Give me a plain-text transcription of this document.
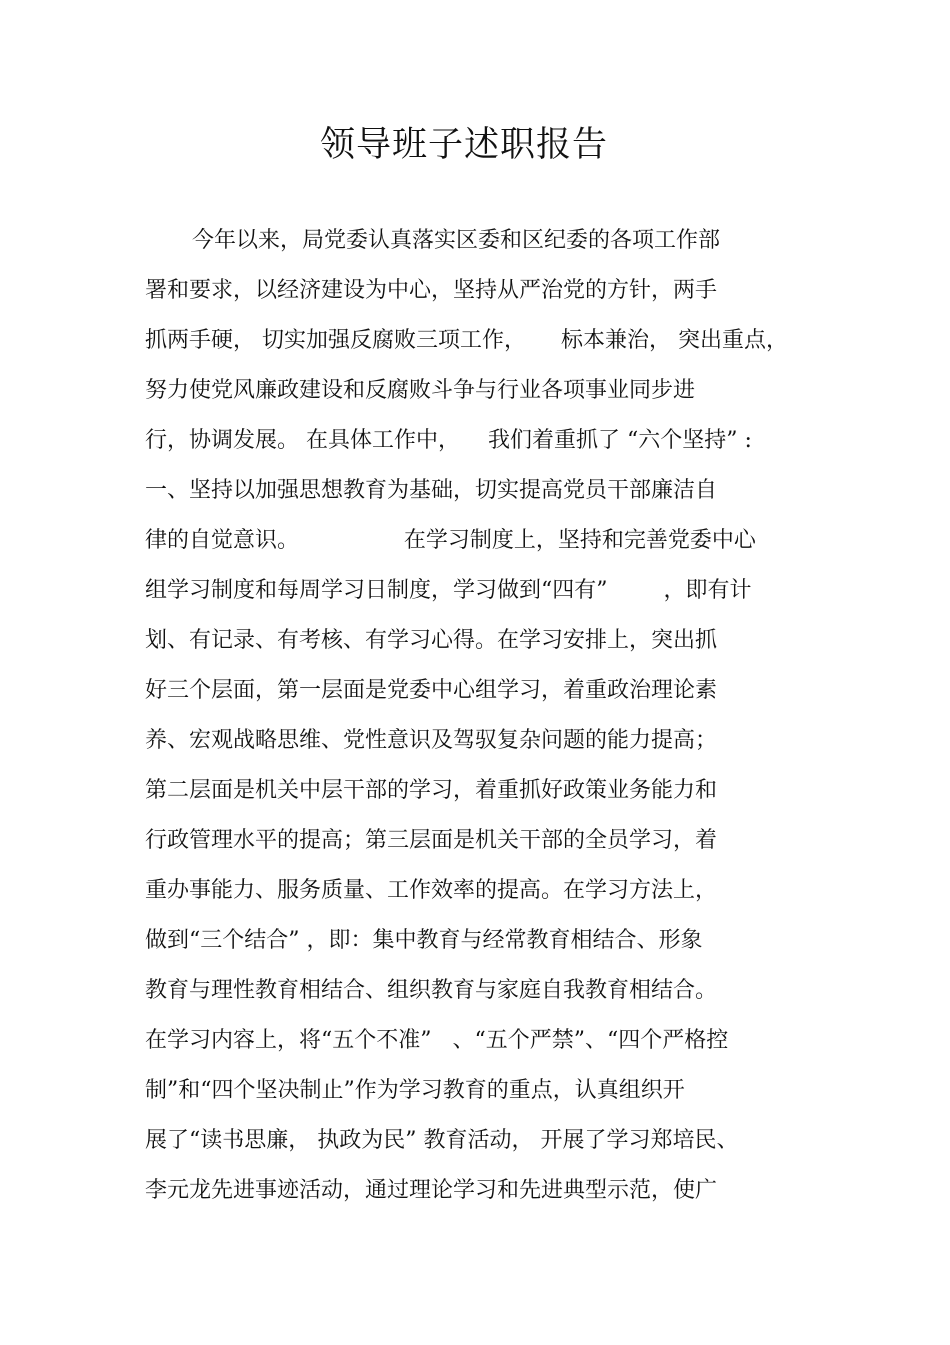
领导班子述职报告
今年以来，局党委认真落实区委和区纪委的各项工作部
署和要求，以经济建设为中心，坚持从严治党的方针，两手
抓两手硬， 切实加强反腐败三项工作，     标本兼治， 突出重点，
努力使党风廉政建设和反腐败斗争与行业各项事业同步进
行，协调发展。 在具体工作中，    我们着重抓了 “六个坚持” :
一、坚持以加强思想教育为基础，切实提高党员干部廉洁自
律的自觉意识。               在学习制度上，坚持和完善党委中心
组学习制度和每周学习日制度，学习做到“四有”        ，即有计
划、有记录、有考核、有学习心得。在学习安排上，突出抓
好三个层面，第一层面是党委中心组学习，着重政治理论素
养、宏观战略思维、党性意识及驾驭复杂问题的能力提高；
第二层面是机关中层干部的学习，着重抓好政策业务能力和
行政管理水平的提高；第三层面是机关干部的全员学习，着
重办事能力、服务质量、工作效率的提高。在学习方法上，
做到“三个结合” ，即：集中教育与经常教育相结合、形象
教育与理性教育相结合、组织教育与家庭自我教育相结合。
在学习内容上，将“五个不准”   、“五个严禁”、“四个严格控
制”和“四个坚决制止”作为学习教育的重点，认真组织开
展了“读书思廉， 执政为民” 教育活动， 开展了学习郑培民、
李元龙先进事迹活动，通过理论学习和先进典型示范，使广
